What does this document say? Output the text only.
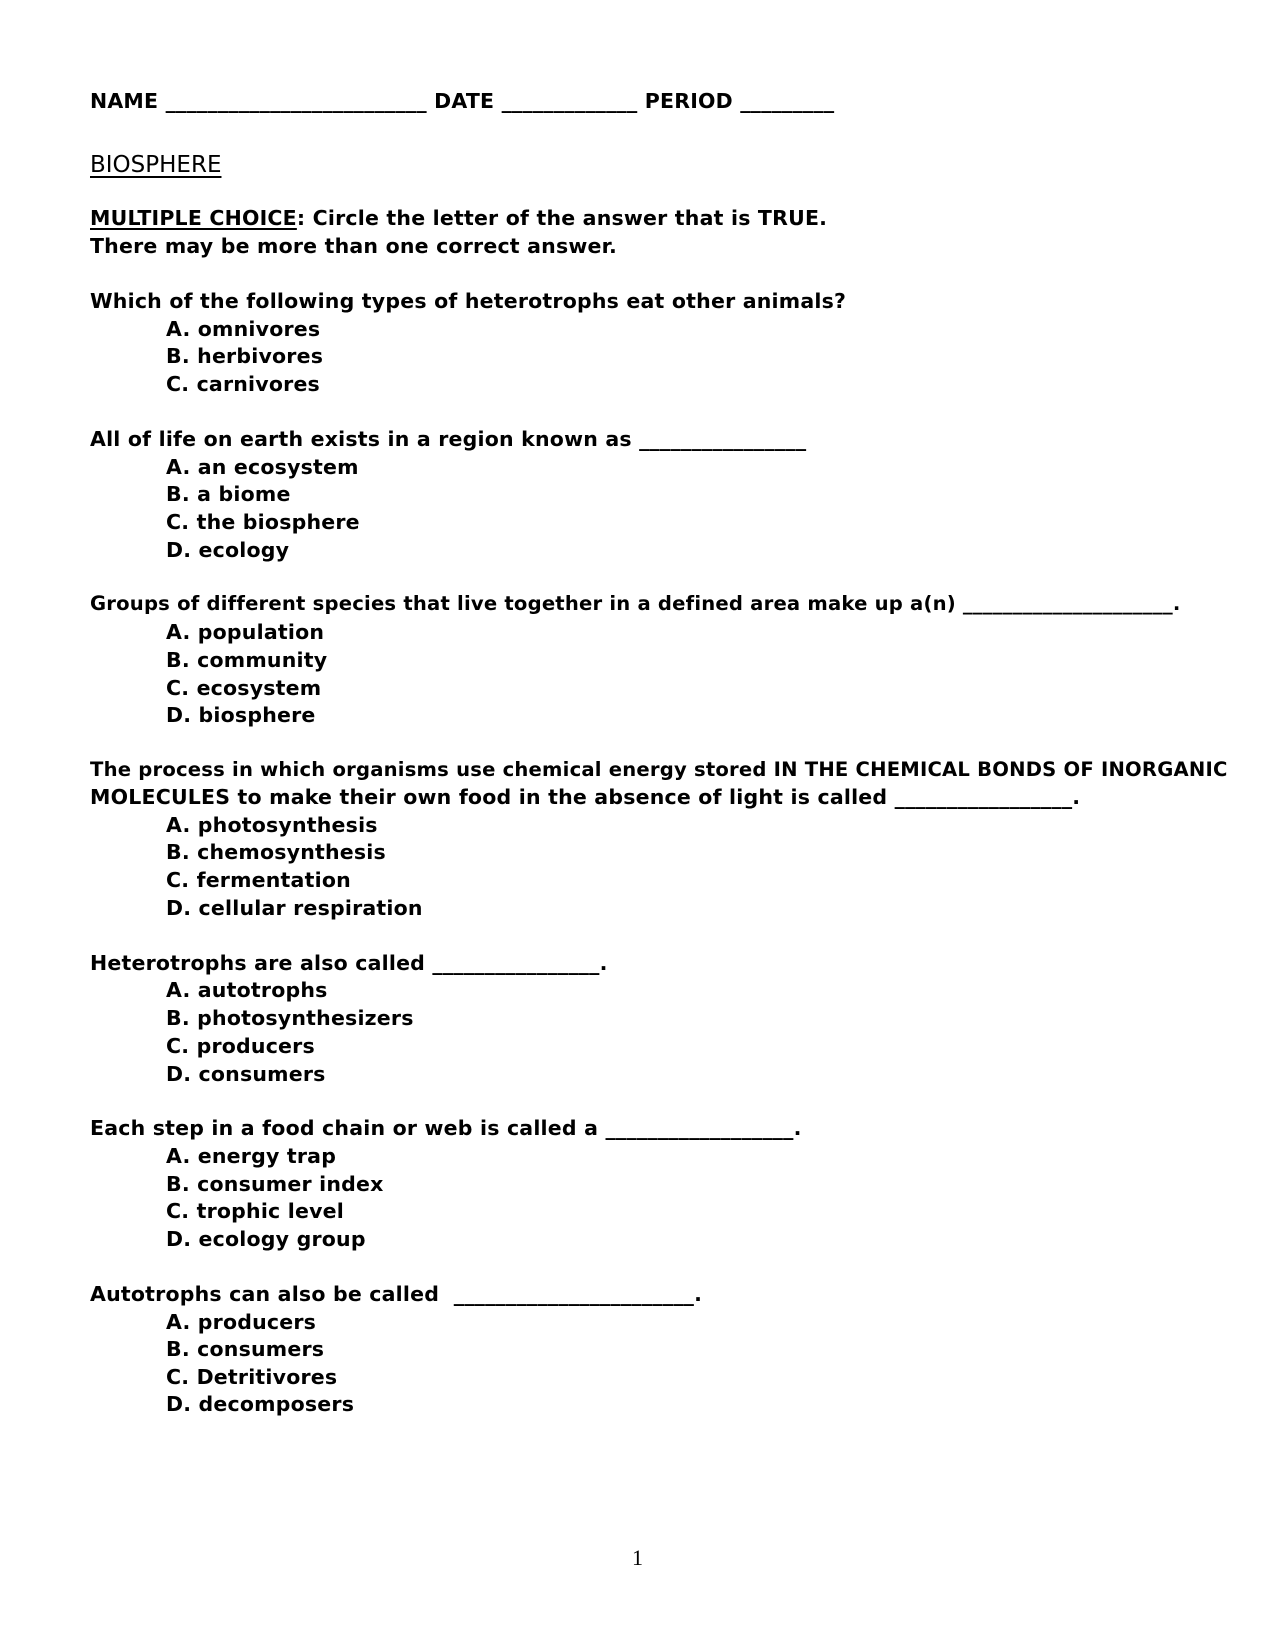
NAME _________________________ DATE _____________ PERIOD _________
BIOSPHERE
MULTIPLE CHOICE: Circle the letter of the answer that is TRUE.
There may be more than one correct answer.
Which of the following types of heterotrophs eat other animals?
A. omnivores
B. herbivores
C. carnivores
All of life on earth exists in a region known as ________________
A. an ecosystem
B. a biome
C. the biosphere
D. ecology
Groups of different species that live together in a defined area make up a(n) _____________________.
A. population
B. community
C. ecosystem
D. biosphere
The process in which organisms use chemical energy stored IN THE CHEMICAL BONDS OF INORGANIC
MOLECULES to make their own food in the absence of light is called _________________.
A. photosynthesis
B. chemosynthesis
C. fermentation
D. cellular respiration
Heterotrophs are also called ________________.
A. autotrophs
B. photosynthesizers
C. producers
D. consumers
Each step in a food chain or web is called a __________________.
A. energy trap
B. consumer index
C. trophic level
D. ecology group
Autotrophs can also be called  _______________________.
A. producers
B. consumers
C. Detritivores
D. decomposers
1
